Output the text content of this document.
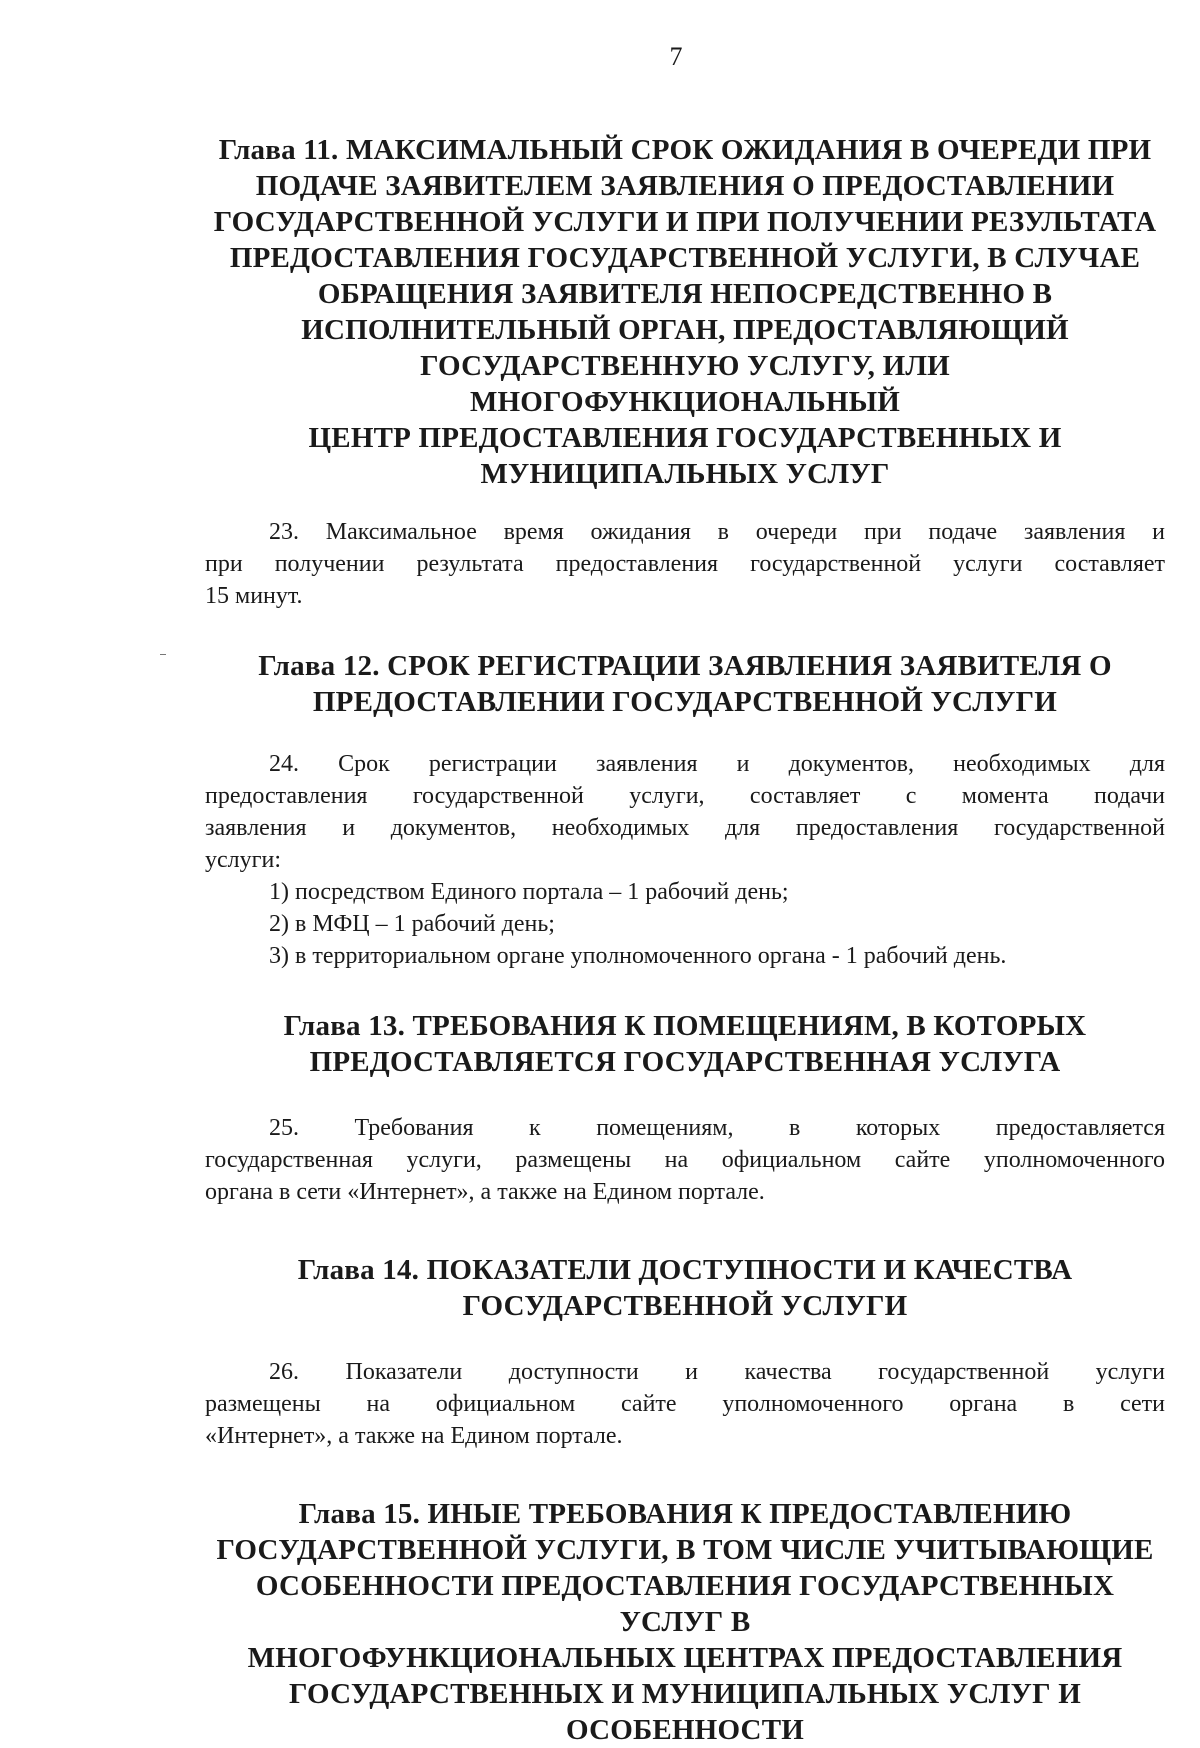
7
Глава 11. МАКСИМАЛЬНЫЙ СРОК ОЖИДАНИЯ В ОЧЕРЕДИ ПРИ
ПОДАЧЕ ЗАЯВИТЕЛЕМ ЗАЯВЛЕНИЯ О ПРЕДОСТАВЛЕНИИ
ГОСУДАРСТВЕННОЙ УСЛУГИ И ПРИ ПОЛУЧЕНИИ РЕЗУЛЬТАТА
ПРЕДОСТАВЛЕНИЯ ГОСУДАРСТВЕННОЙ УСЛУГИ, В СЛУЧАЕ
ОБРАЩЕНИЯ ЗАЯВИТЕЛЯ НЕПОСРЕДСТВЕННО В
ИСПОЛНИТЕЛЬНЫЙ ОРГАН, ПРЕДОСТАВЛЯЮЩИЙ
ГОСУДАРСТВЕННУЮ УСЛУГУ, ИЛИ МНОГОФУНКЦИОНАЛЬНЫЙ
ЦЕНТР ПРЕДОСТАВЛЕНИЯ ГОСУДАРСТВЕННЫХ И
МУНИЦИПАЛЬНЫХ УСЛУГ
23. Максимальное время ожидания в очереди при подаче заявления и
при получении результата предоставления государственной услуги составляет
15 минут.
Глава 12. СРОК РЕГИСТРАЦИИ ЗАЯВЛЕНИЯ ЗАЯВИТЕЛЯ О
ПРЕДОСТАВЛЕНИИ ГОСУДАРСТВЕННОЙ УСЛУГИ
24. Срок регистрации заявления и документов, необходимых для
предоставления государственной услуги, составляет с момента подачи
заявления и документов, необходимых для предоставления государственной
услуги:
1) посредством Единого портала – 1 рабочий день;
2) в МФЦ – 1 рабочий день;
3) в территориальном органе уполномоченного органа - 1 рабочий день.
Глава 13. ТРЕБОВАНИЯ К ПОМЕЩЕНИЯМ, В КОТОРЫХ
ПРЕДОСТАВЛЯЕТСЯ ГОСУДАРСТВЕННАЯ УСЛУГА
25. Требования к помещениям, в которых предоставляется
государственная услуги, размещены на официальном сайте уполномоченного
органа в сети «Интернет», а также на Едином портале.
Глава 14. ПОКАЗАТЕЛИ ДОСТУПНОСТИ И КАЧЕСТВА
ГОСУДАРСТВЕННОЙ УСЛУГИ
26. Показатели доступности и качества государственной услуги
размещены на официальном сайте уполномоченного органа в сети
«Интернет», а также на Едином портале.
Глава 15. ИНЫЕ ТРЕБОВАНИЯ К ПРЕДОСТАВЛЕНИЮ
ГОСУДАРСТВЕННОЙ УСЛУГИ, В ТОМ ЧИСЛЕ УЧИТЫВАЮЩИЕ
ОСОБЕННОСТИ ПРЕДОСТАВЛЕНИЯ ГОСУДАРСТВЕННЫХ УСЛУГ В
МНОГОФУНКЦИОНАЛЬНЫХ ЦЕНТРАХ ПРЕДОСТАВЛЕНИЯ
ГОСУДАРСТВЕННЫХ И МУНИЦИПАЛЬНЫХ УСЛУГ И ОСОБЕННОСТИ
